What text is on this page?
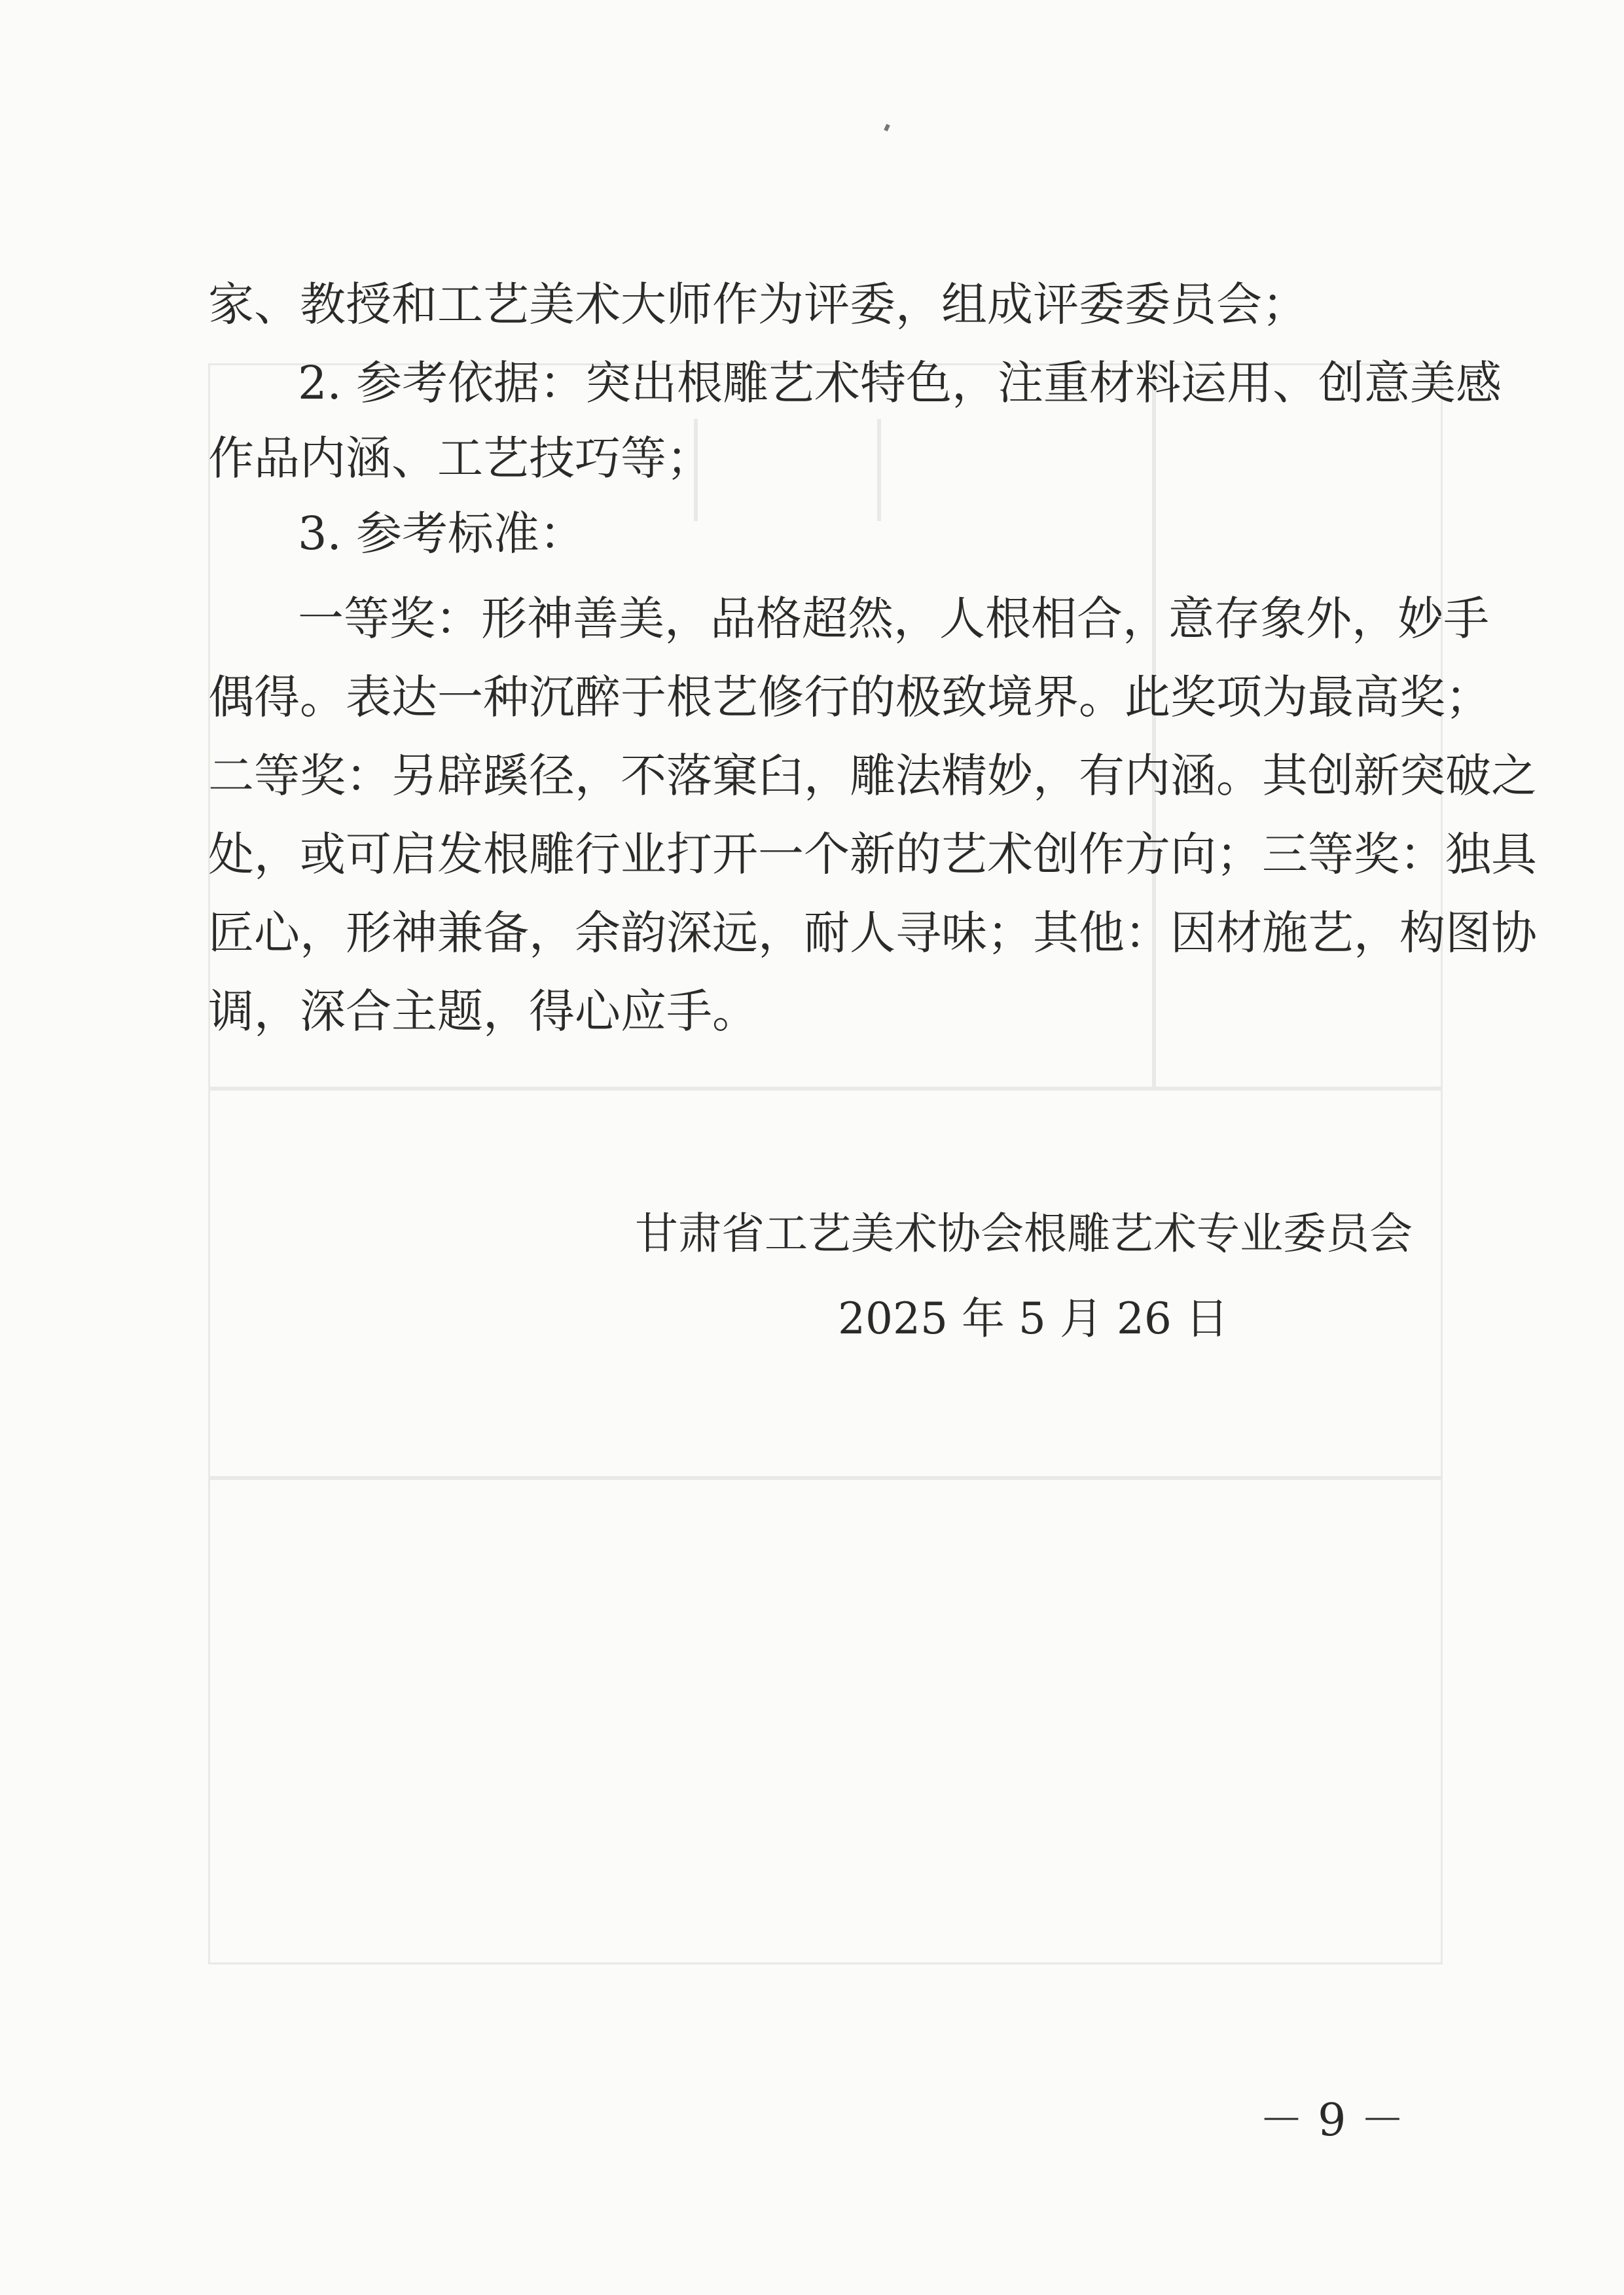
家、教授和工艺美术大师作为评委，组成评委委员会；
2. 参考依据：突出根雕艺术特色，注重材料运用、创意美感
作品内涵、工艺技巧等；
3. 参考标准：
一等奖：形神善美，品格超然，人根相合，意存象外，妙手
偶得。表达一种沉醉于根艺修行的极致境界。此奖项为最高奖；
二等奖：另辟蹊径，不落窠臼，雕法精妙，有内涵。其创新突破之
处，或可启发根雕行业打开一个新的艺术创作方向；三等奖：独具
匠心，形神兼备，余韵深远，耐人寻味；其他：因材施艺，构图协
调，深合主题，得心应手。
甘肃省工艺美术协会根雕艺术专业委员会
2025 年 5 月 26 日
－ 9 －
